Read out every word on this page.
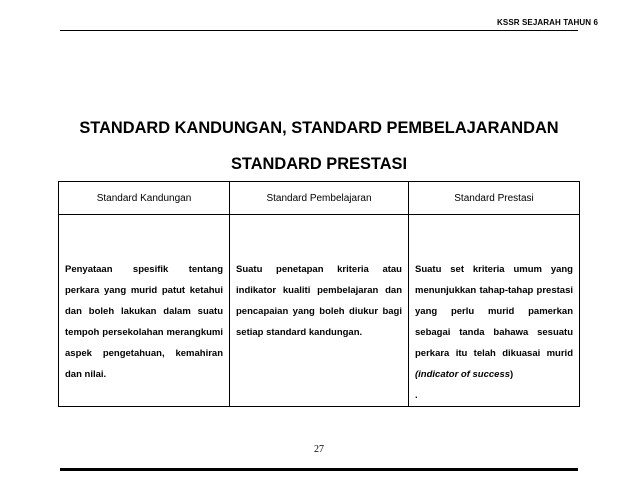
KSSR SEJARAH TAHUN 6
STANDARD KANDUNGAN, STANDARD PEMBELAJARANDAN
STANDARD PRESTASI
Standard Kandungan	Standard Pembelajaran	Standard Prestasi
Penyataan spesifik tentang perkara yang murid patut ketahui dan boleh lakukan dalam suatu tempoh persekolahan merangkumi aspek pengetahuan, kemahiran dan nilai.	Suatu penetapan kriteria atau indikator kualiti pembelajaran dan pencapaian yang boleh diukur bagi setiap standard kandungan.	Suatu set kriteria umum yang menunjukkan tahap-tahap prestasi yang perlu murid pamerkan sebagai tanda bahawa sesuatu perkara itu telah dikuasai murid (indicator of success)
.
27
